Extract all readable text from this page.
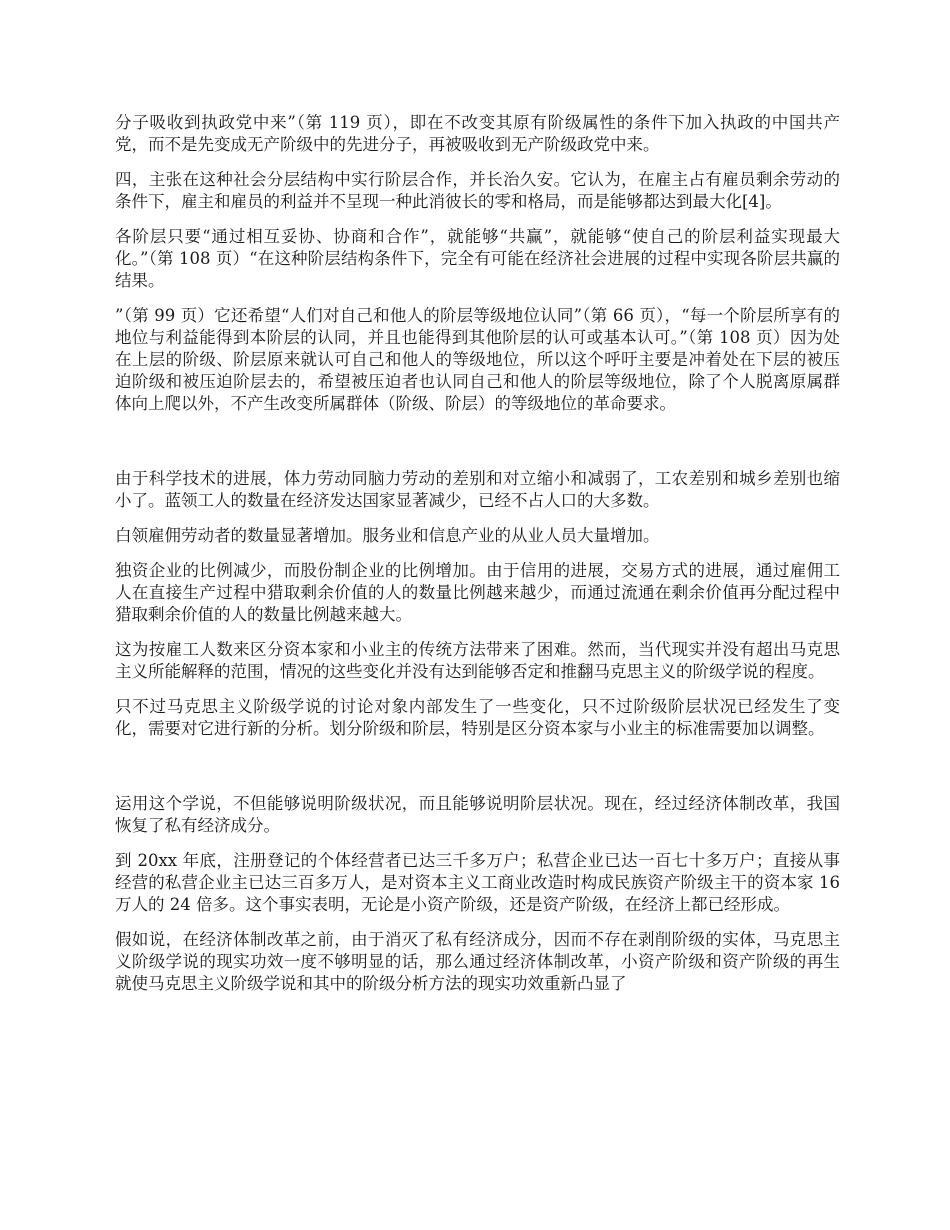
分子吸收到执政党中来”（第 119 页），即在不改变其原有阶级属性的条件下加入执政的中国共产党，而不是先变成无产阶级中的先进分子，再被吸收到无产阶级政党中来。

四，主张在这种社会分层结构中实行阶层合作，并长治久安。它认为，在雇主占有雇员剩余劳动的条件下，雇主和雇员的利益并不呈现一种此消彼长的零和格局，而是能够都达到最大化[4]。

各阶层只要“通过相互妥协、协商和合作”，就能够“共赢”，就能够“使自己的阶层利益实现最大化。”（第 108 页）“在这种阶层结构条件下，完全有可能在经济社会进展的过程中实现各阶层共赢的结果。

”（第 99 页）它还希望“人们对自己和他人的阶层等级地位认同”（第 66 页），“每一个阶层所享有的地位与利益能得到本阶层的认同，并且也能得到其他阶层的认可或基本认可。”（第 108 页）因为处在上层的阶级、阶层原来就认可自己和他人的等级地位，所以这个呼吁主要是冲着处在下层的被压迫阶级和被压迫阶层去的，希望被压迫者也认同自己和他人的阶层等级地位，除了个人脱离原属群体向上爬以外，不产生改变所属群体（阶级、阶层）的等级地位的革命要求。

由于科学技术的进展，体力劳动同脑力劳动的差别和对立缩小和减弱了，工农差别和城乡差别也缩小了。蓝领工人的数量在经济发达国家显著减少，已经不占人口的大多数。

白领雇佣劳动者的数量显著增加。服务业和信息产业的从业人员大量增加。

独资企业的比例减少，而股份制企业的比例增加。由于信用的进展，交易方式的进展，通过雇佣工人在直接生产过程中猎取剩余价值的人的数量比例越来越少，而通过流通在剩余价值再分配过程中猎取剩余价值的人的数量比例越来越大。

这为按雇工人数来区分资本家和小业主的传统方法带来了困难。然而，当代现实并没有超出马克思主义所能解释的范围，情况的这些变化并没有达到能够否定和推翻马克思主义的阶级学说的程度。

只不过马克思主义阶级学说的讨论对象内部发生了一些变化，只不过阶级阶层状况已经发生了变化，需要对它进行新的分析。划分阶级和阶层，特别是区分资本家与小业主的标准需要加以调整。

运用这个学说，不但能够说明阶级状况，而且能够说明阶层状况。现在，经过经济体制改革，我国恢复了私有经济成分。

到 20xx 年底，注册登记的个体经营者已达三千多万户；私营企业已达一百七十多万户；直接从事经营的私营企业主已达三百多万人，是对资本主义工商业改造时构成民族资产阶级主干的资本家 16 万人的 24 倍多。这个事实表明，无论是小资产阶级，还是资产阶级，在经济上都已经形成。

假如说，在经济体制改革之前，由于消灭了私有经济成分，因而不存在剥削阶级的实体，马克思主义阶级学说的现实功效一度不够明显的话，那么通过经济体制改革，小资产阶级和资产阶级的再生就使马克思主义阶级学说和其中的阶级分析方法的现实功效重新凸显了
